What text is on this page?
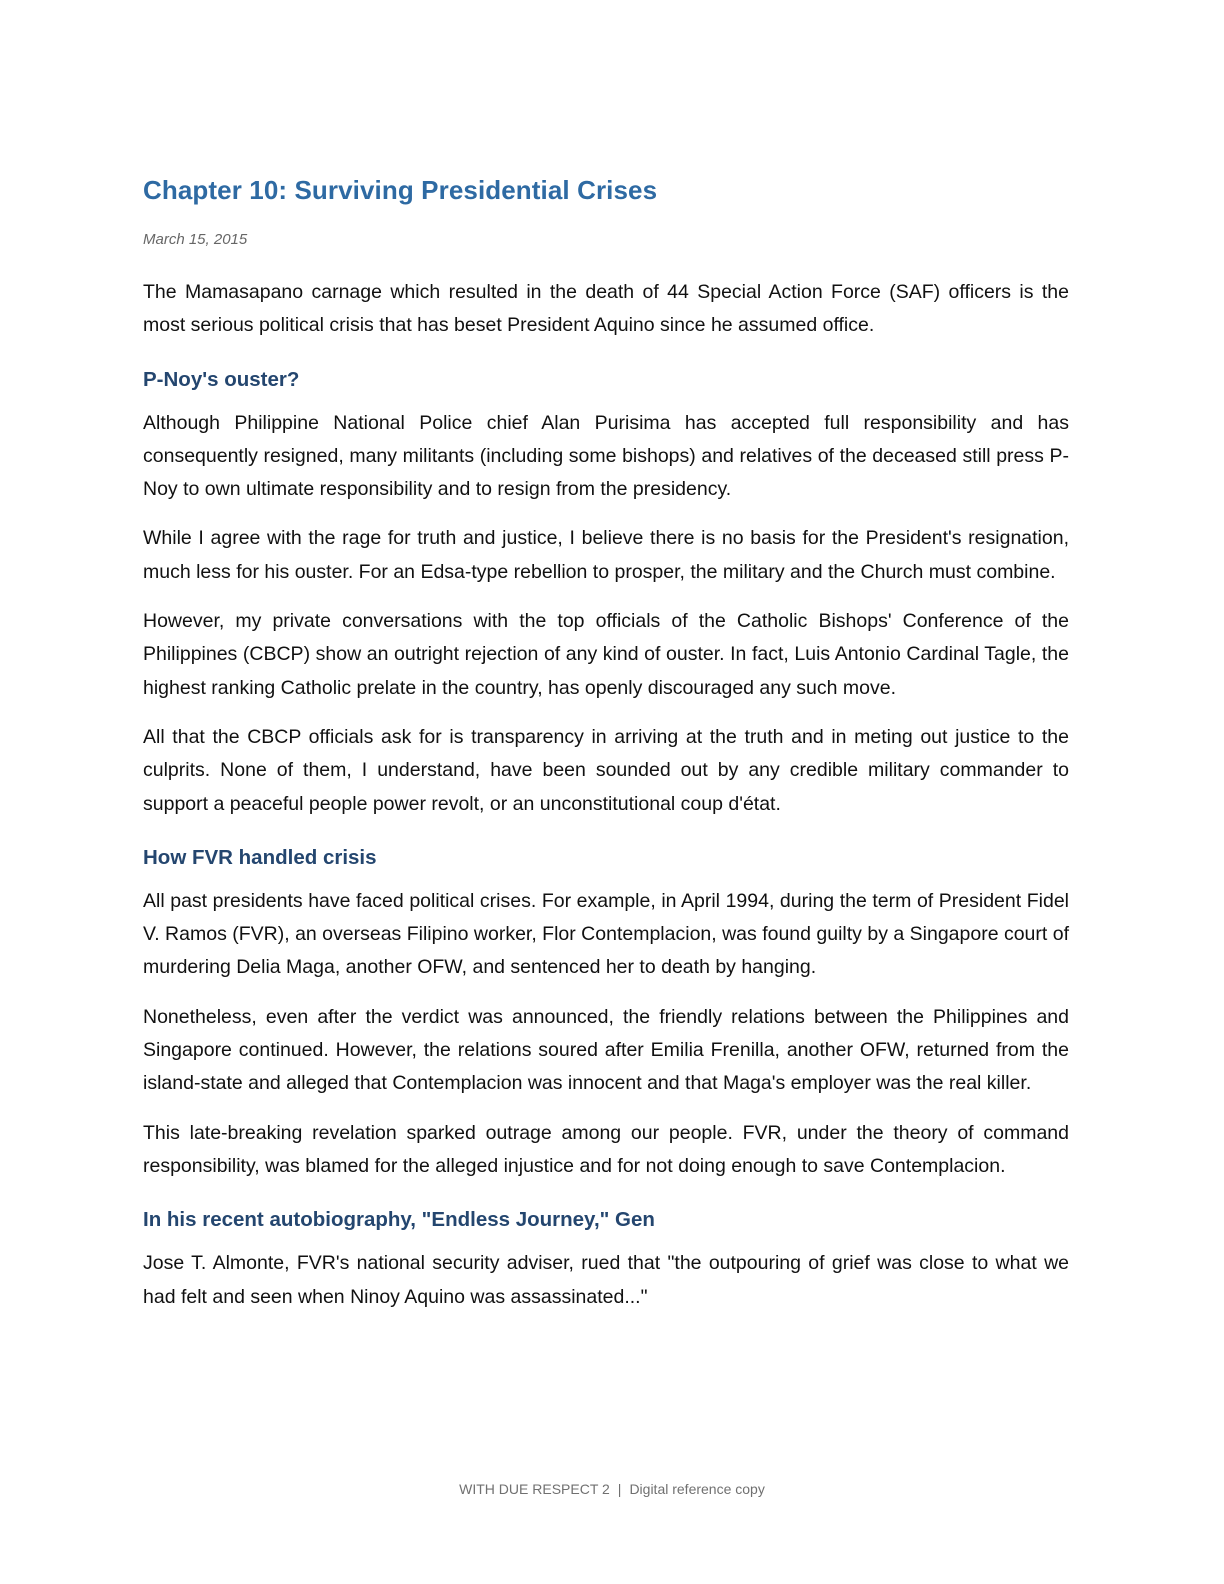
Chapter 10: Surviving Presidential Crises
March 15, 2015

The Mamasapano carnage which resulted in the death of 44 Special Action Force (SAF) officers is the most serious political crisis that has beset President Aquino since he assumed office.

P-Noy's ouster?

Although Philippine National Police chief Alan Purisima has accepted full responsibility and has consequently resigned, many militants (including some bishops) and relatives of the deceased still press P-Noy to own ultimate responsibility and to resign from the presidency.

While I agree with the rage for truth and justice, I believe there is no basis for the President's resignation, much less for his ouster. For an Edsa-type rebellion to prosper, the military and the Church must combine.

However, my private conversations with the top officials of the Catholic Bishops' Conference of the Philippines (CBCP) show an outright rejection of any kind of ouster. In fact, Luis Antonio Cardinal Tagle, the highest ranking Catholic prelate in the country, has openly discouraged any such move.

All that the CBCP officials ask for is transparency in arriving at the truth and in meting out justice to the culprits. None of them, I understand, have been sounded out by any credible military commander to support a peaceful people power revolt, or an unconstitutional coup d'état.

How FVR handled crisis

All past presidents have faced political crises. For example, in April 1994, during the term of President Fidel V. Ramos (FVR), an overseas Filipino worker, Flor Contemplacion, was found guilty by a Singapore court of murdering Delia Maga, another OFW, and sentenced her to death by hanging.

Nonetheless, even after the verdict was announced, the friendly relations between the Philippines and Singapore continued. However, the relations soured after Emilia Frenilla, another OFW, returned from the island-state and alleged that Contemplacion was innocent and that Maga's employer was the real killer.

This late-breaking revelation sparked outrage among our people. FVR, under the theory of command responsibility, was blamed for the alleged injustice and for not doing enough to save Contemplacion.

In his recent autobiography, "Endless Journey," Gen

Jose T. Almonte, FVR's national security adviser, rued that "the outpouring of grief was close to what we had felt and seen when Ninoy Aquino was assassinated..."

WITH DUE RESPECT 2 | Digital reference copy
